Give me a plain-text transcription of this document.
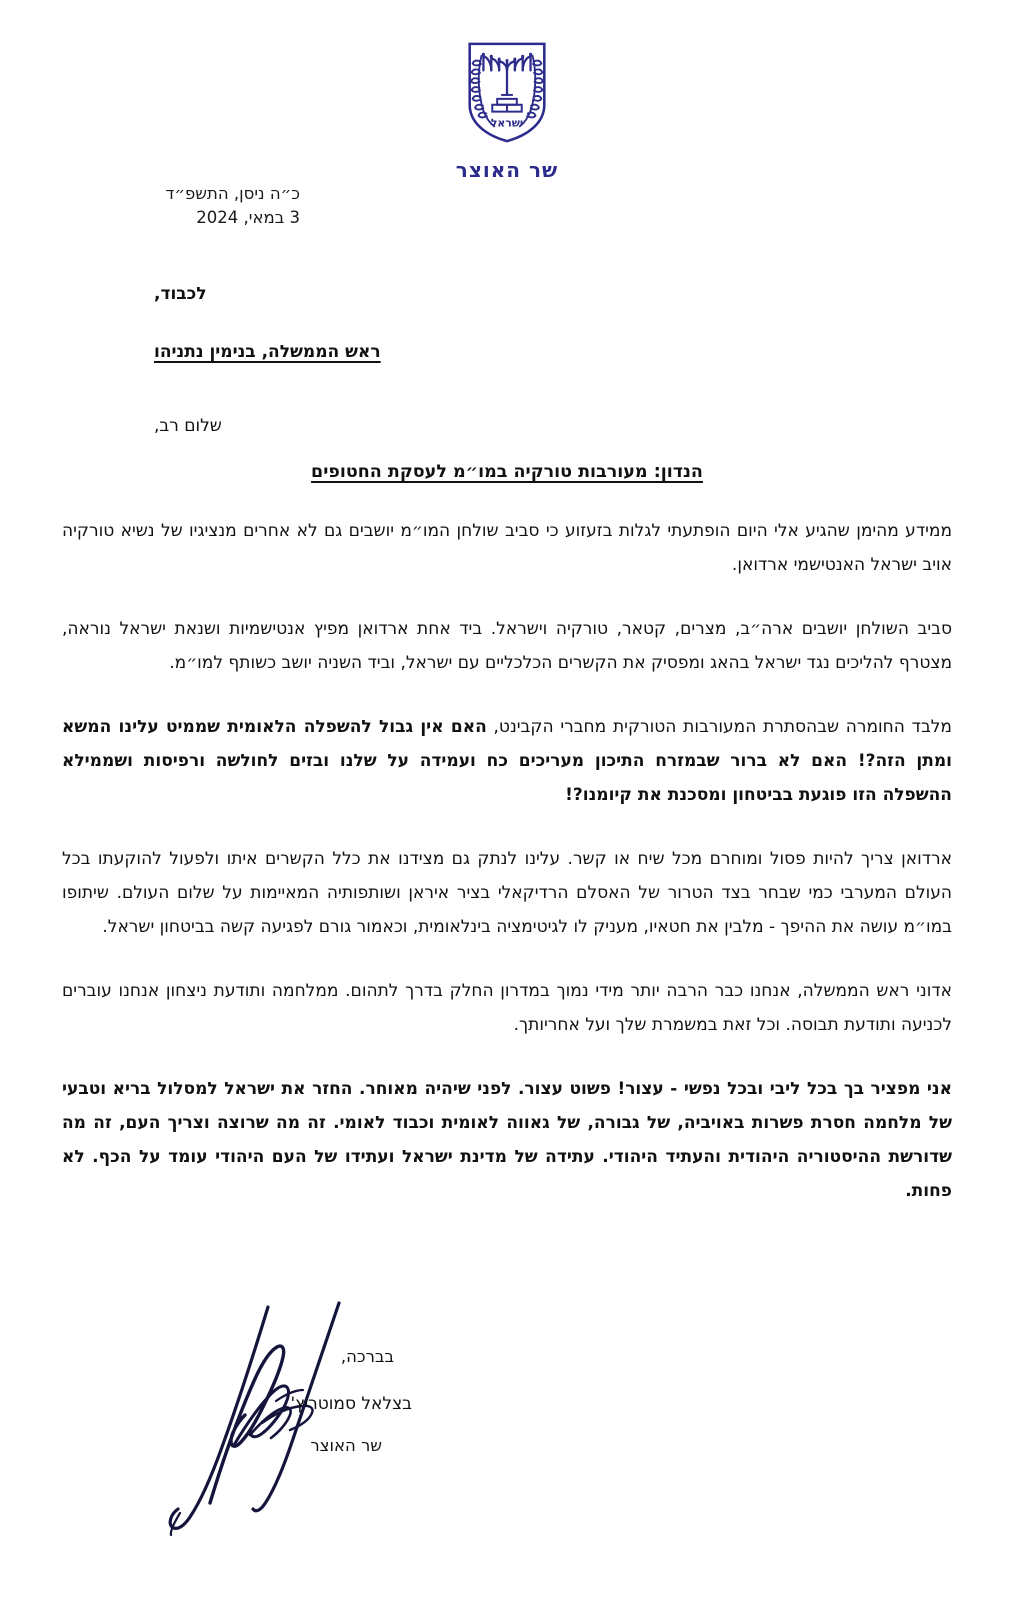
ישראל
שר האוצר
כ״ה ניסן, התשפ״ד
3 במאי, 2024
לכבוד,
ראש הממשלה, בנימין נתניהו
שלום רב,
הנדון: מעורבות טורקיה במו״מ לעסקת החטופים

ממידע מהימן שהגיע אלי היום הופתעתי לגלות בזעזוע כי סביב שולחן המו״מ יושבים גם לא אחרים מנציגיו של נשיא טורקיה אויב ישראל האנטישמי ארדואן.

סביב השולחן יושבים ארה״ב, מצרים, קטאר, טורקיה וישראל. ביד אחת ארדואן מפיץ אנטישמיות ושנאת ישראל נוראה, מצטרף להליכים נגד ישראל בהאג ומפסיק את הקשרים הכלכליים עם ישראל, וביד השניה יושב כשותף למו״מ.

מלבד החומרה שבהסתרת המעורבות הטורקית מחברי הקבינט, האם אין גבול להשפלה הלאומית שממיט עלינו המשא ומתן הזה?! האם לא ברור שבמזרח התיכון מעריכים כח ועמידה על שלנו ובזים לחולשה ורפיסות ושממילא ההשפלה הזו פוגעת בביטחון ומסכנת את קיומנו?!

ארדואן צריך להיות פסול ומוחרם מכל שיח או קשר. עלינו לנתק גם מצידנו את כלל הקשרים איתו ולפעול להוקעתו בכל העולם המערבי כמי שבחר בצד הטרור של האסלם הרדיקאלי בציר איראן ושותפותיה המאיימות על שלום העולם. שיתופו במו״מ עושה את ההיפך - מלבין את חטאיו, מעניק לו לגיטימציה בינלאומית, וכאמור גורם לפגיעה קשה בביטחון ישראל.

אדוני ראש הממשלה, אנחנו כבר הרבה יותר מידי נמוך במדרון החלק בדרך לתהום. ממלחמה ותודעת ניצחון אנחנו עוברים לכניעה ותודעת תבוסה. וכל זאת במשמרת שלך ועל אחריותך.

אני מפציר בך בכל ליבי ובכל נפשי - עצור! פשוט עצור. לפני שיהיה מאוחר. החזר את ישראל למסלול בריא וטבעי של מלחמה חסרת פשרות באויביה, של גבורה, של גאווה לאומית וכבוד לאומי. זה מה שרוצה וצריך העם, זה מה שדורשת ההיסטוריה היהודית והעתיד היהודי. עתידה של מדינת ישראל ועתידו של העם היהודי עומד על הכף. לא פחות.

בברכה,
בצלאל סמוטריץ'
שר האוצר
